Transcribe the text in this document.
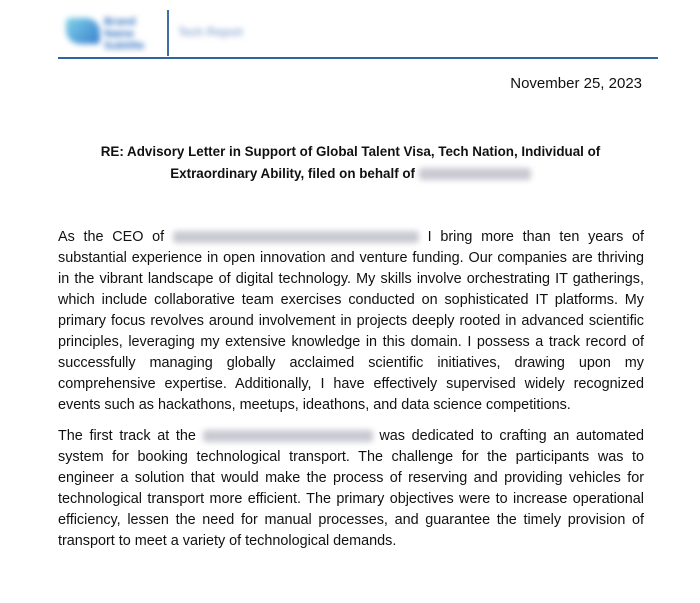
Brand Name
Subtitle
Tech Report
November 25, 2023
RE: Advisory Letter in Support of Global Talent Visa, Tech Nation, Individual of Extraordinary Ability, filed on behalf of

As the CEO of	I bring more than ten years of substantial experience in open innovation and venture funding. Our companies are thriving in the vibrant landscape of digital technology. My skills involve orchestrating IT gatherings, which include collaborative team exercises conducted on sophisticated IT platforms. My primary focus revolves around involvement in projects deeply rooted in advanced scientific principles, leveraging my extensive knowledge in this domain. I possess a track record of successfully managing globally acclaimed scientific initiatives, drawing upon my comprehensive expertise. Additionally, I have effectively supervised widely recognized events such as hackathons, meetups, ideathons, and data science competitions.

The first track at the	was dedicated to crafting an automated system for booking technological transport. The challenge for the participants was to engineer a solution that would make the process of reserving and providing vehicles for technological transport more efficient. The primary objectives were to increase operational efficiency, lessen the need for manual processes, and guarantee the timely provision of transport to meet a variety of technological demands.
